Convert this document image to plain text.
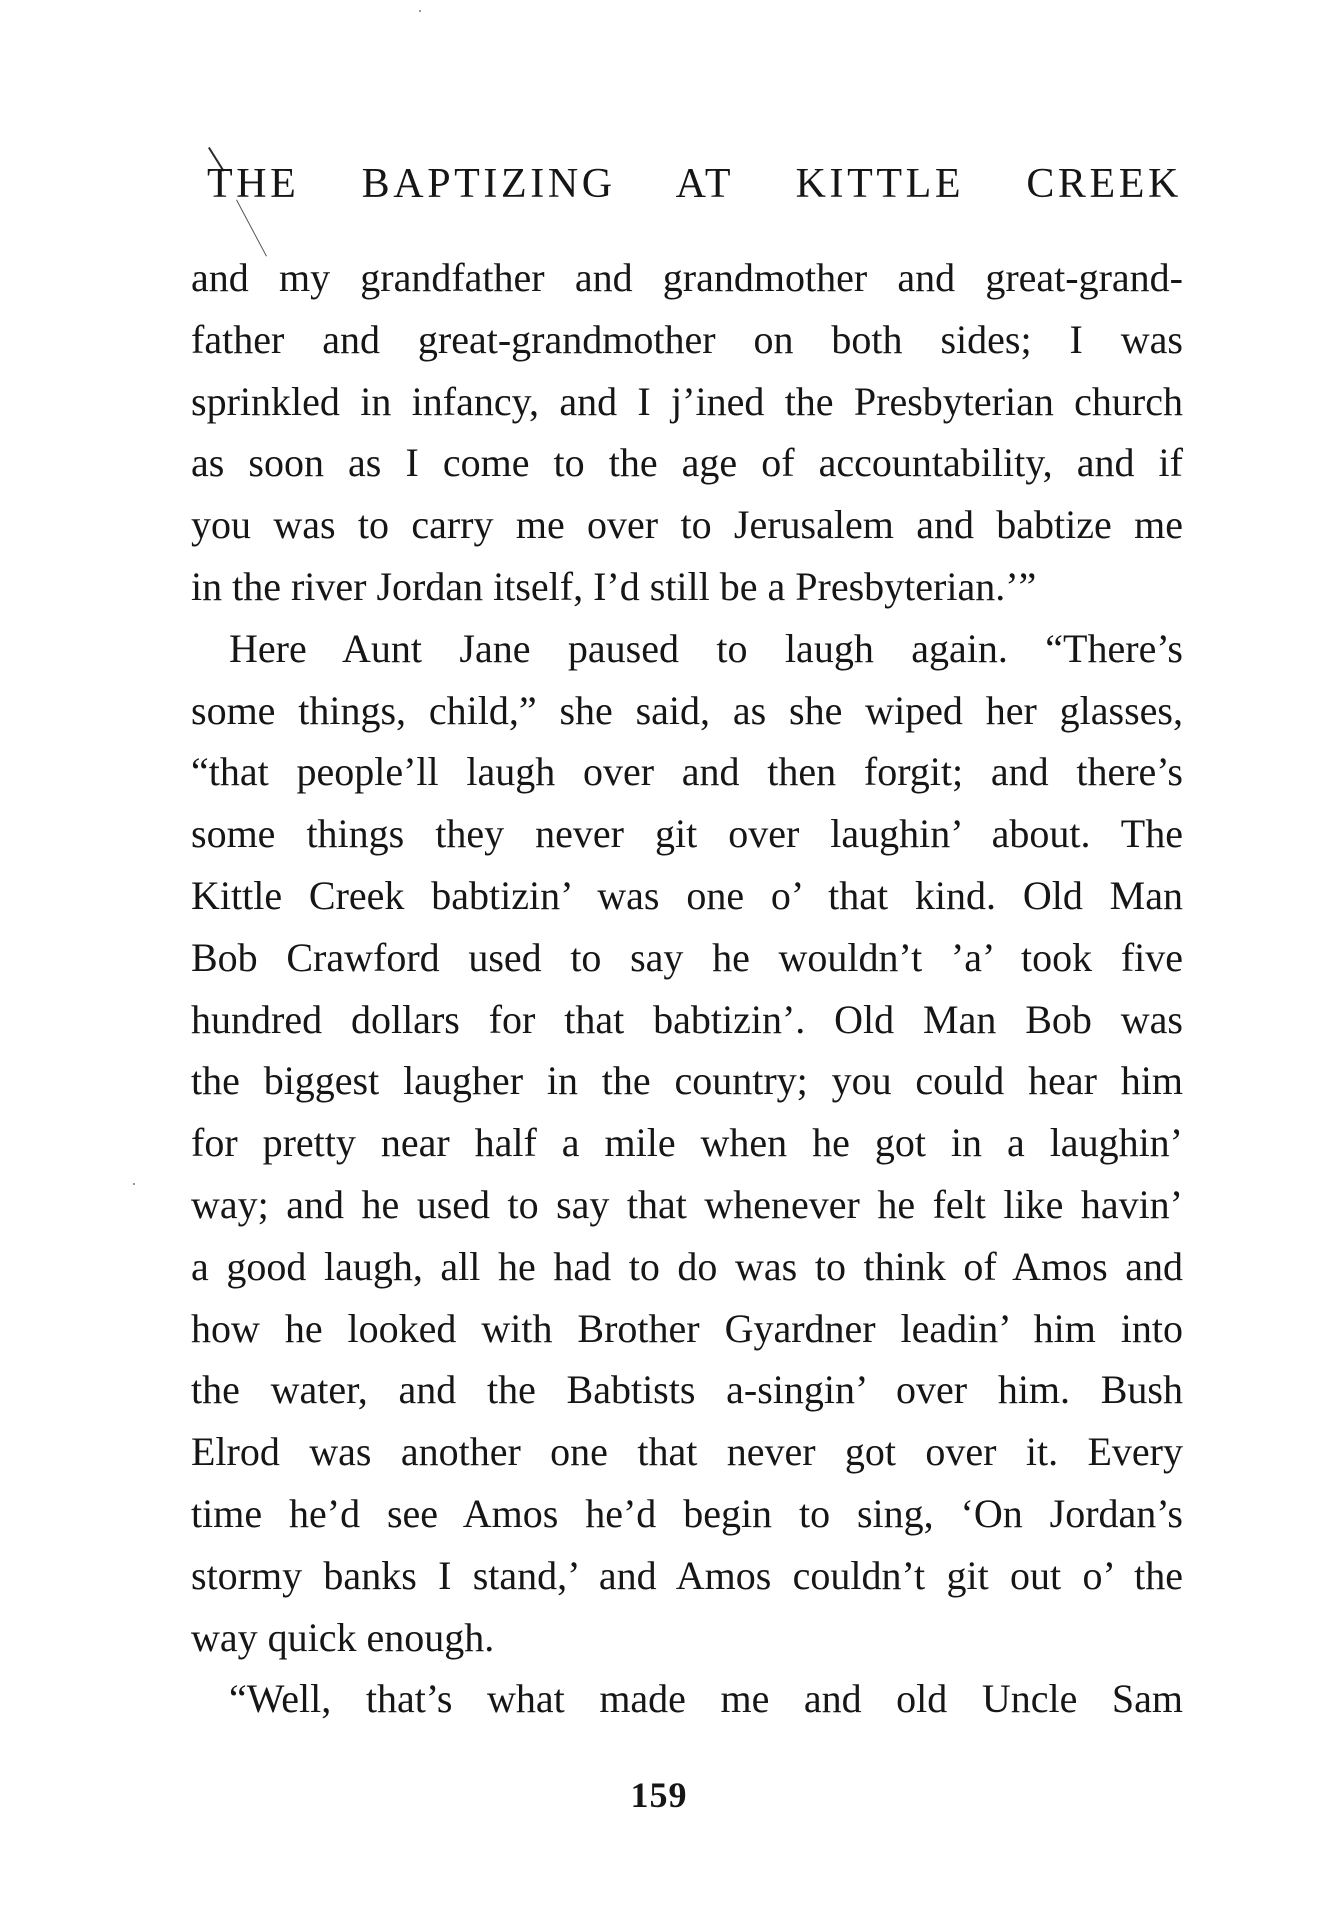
THE BAPTIZING AT KITTLE CREEK
and my grandfather and grandmother and great-grand-
father and great-grandmother on both sides; I was
sprinkled in infancy, and I j’ined the Presbyterian church
as soon as I come to the age of accountability, and if
you was to carry me over to Jerusalem and babtize me
in the river Jordan itself, I’d still be a Presbyterian.’”
Here Aunt Jane paused to laugh again. “There’s
some things, child,” she said, as she wiped her glasses,
“that people’ll laugh over and then forgit; and there’s
some things they never git over laughin’ about. The
Kittle Creek babtizin’ was one o’ that kind. Old Man
Bob Crawford used to say he wouldn’t ’a’ took five
hundred dollars for that babtizin’. Old Man Bob was
the biggest laugher in the country; you could hear him
for pretty near half a mile when he got in a laughin’
way; and he used to say that whenever he felt like havin’
a good laugh, all he had to do was to think of Amos and
how he looked with Brother Gyardner leadin’ him into
the water, and the Babtists a-singin’ over him. Bush
Elrod was another one that never got over it. Every
time he’d see Amos he’d begin to sing, ‘On Jordan’s
stormy banks I stand,’ and Amos couldn’t git out o’ the
way quick enough.
“Well, that’s what made me and old Uncle Sam
159
